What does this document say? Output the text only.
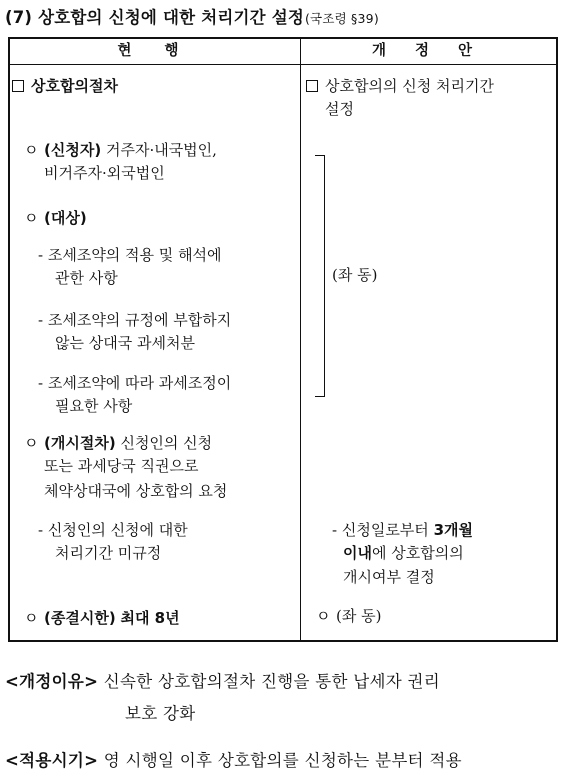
(7) 상호합의 신청에 대한 처리기간 설정(국조령 §39)
현 행	개 정 안
상호합의절차
ㅇ (신청자) 거주자·내국법인,
비거주자·외국법인
ㅇ (대상)
- 조세조약의 적용 및 해석에
관한 사항
- 조세조약의 규정에 부합하지
않는 상대국 과세처분
- 조세조약에 따라 과세조정이
필요한 사항
ㅇ (개시절차) 신청인의 신청
또는 과세당국 직권으로
체약상대국에 상호합의 요청
- 신청인의 신청에 대한
처리기간 미규정
ㅇ (종결시한) 최대 8년
상호합의의 신청 처리기간
설정
(좌 동)
- 신청일로부터 3개월
이내에 상호합의의
개시여부 결정
ㅇ (좌 동)
<개정이유> 신속한 상호합의절차 진행을 통한 납세자 권리
보호 강화
<적용시기> 영 시행일 이후 상호합의를 신청하는 분부터 적용
